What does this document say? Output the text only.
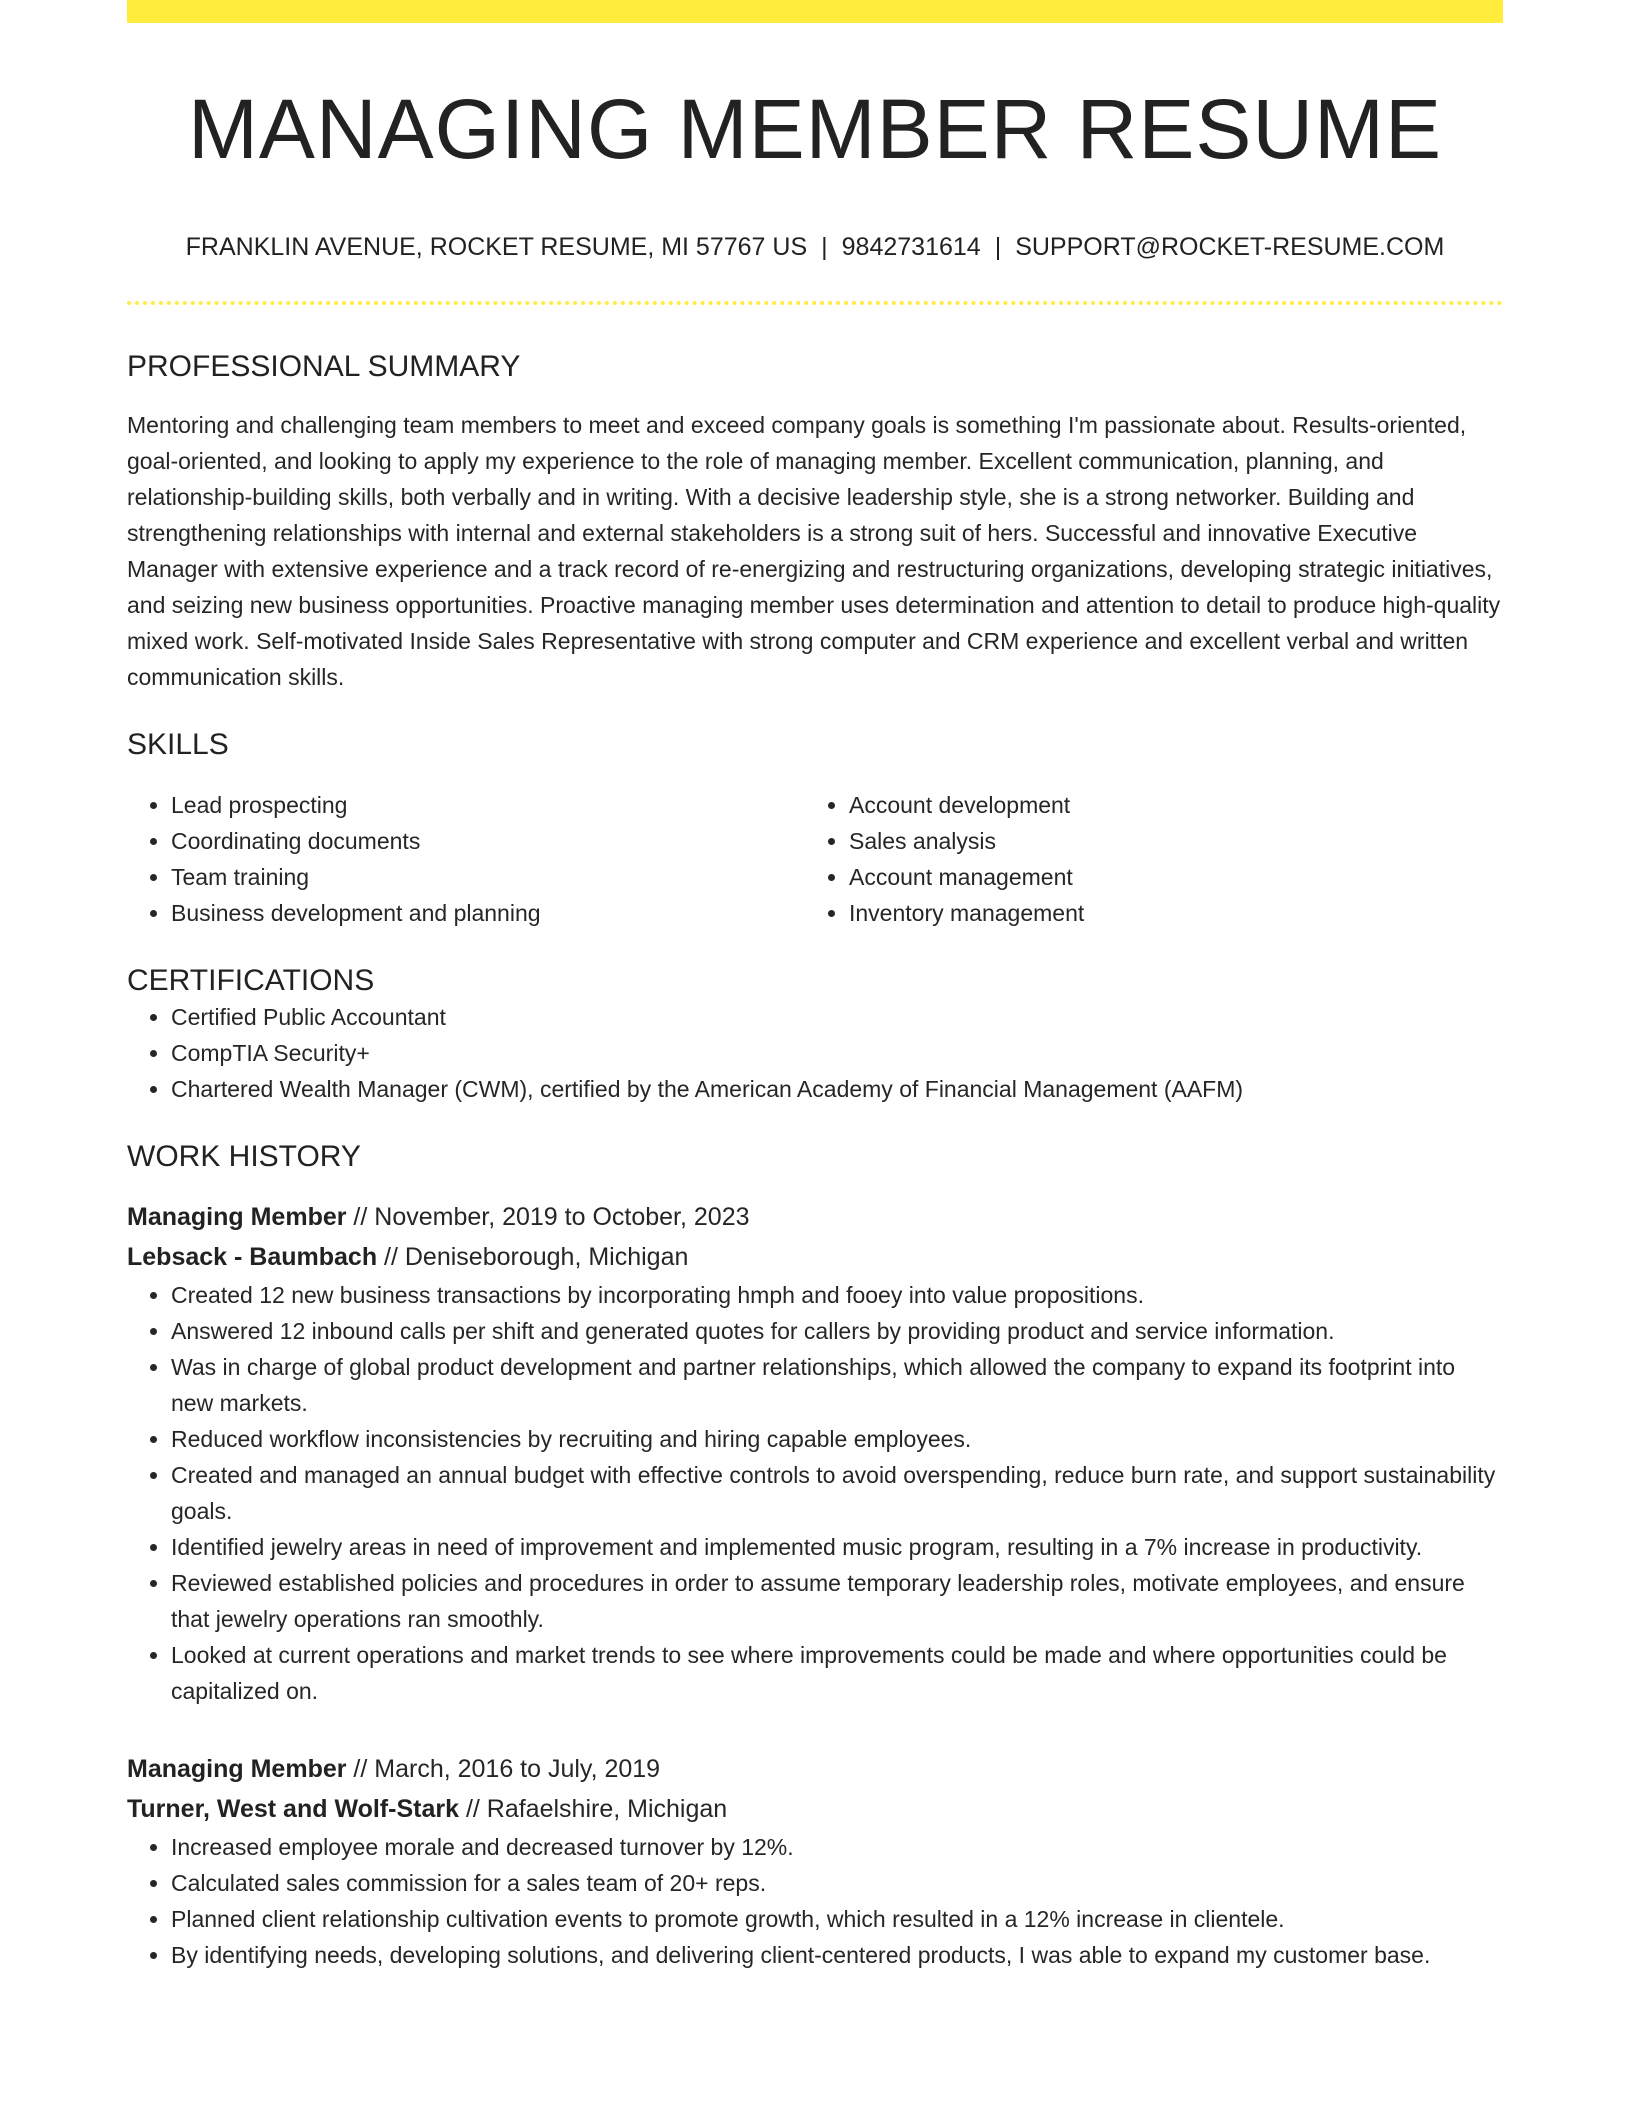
MANAGING MEMBER RESUME
FRANKLIN AVENUE, ROCKET RESUME, MI 57767 US | 9842731614 | SUPPORT@ROCKET-RESUME.COM
PROFESSIONAL SUMMARY

Mentoring and challenging team members to meet and exceed company goals is something I'm passionate about. Results-oriented, goal-oriented, and looking to apply my experience to the role of managing member. Excellent communication, planning, and relationship-building skills, both verbally and in writing. With a decisive leadership style, she is a strong networker. Building and strengthening relationships with internal and external stakeholders is a strong suit of hers. Successful and innovative Executive Manager with extensive experience and a track record of re-energizing and restructuring organizations, developing strategic initiatives, and seizing new business opportunities. Proactive managing member uses determination and attention to detail to produce high-quality mixed work. Self-motivated Inside Sales Representative with strong computer and CRM experience and excellent verbal and written communication skills.

SKILLS
• Lead prospecting
• Coordinating documents
• Team training
• Business development and planning
• Account development
• Sales analysis
• Account management
• Inventory management
CERTIFICATIONS
• Certified Public Accountant
• CompTIA Security+
• Chartered Wealth Manager (CWM), certified by the American Academy of Financial Management (AAFM)
WORK HISTORY
Managing Member // November, 2019 to October, 2023
Lebsack - Baumbach // Deniseborough, Michigan
• Created 12 new business transactions by incorporating hmph and fooey into value propositions.
• Answered 12 inbound calls per shift and generated quotes for callers by providing product and service information.
• Was in charge of global product development and partner relationships, which allowed the company to expand its footprint into new markets.
• Reduced workflow inconsistencies by recruiting and hiring capable employees.
• Created and managed an annual budget with effective controls to avoid overspending, reduce burn rate, and support sustainability goals.
• Identified jewelry areas in need of improvement and implemented music program, resulting in a 7% increase in productivity.
• Reviewed established policies and procedures in order to assume temporary leadership roles, motivate employees, and ensure that jewelry operations ran smoothly.
• Looked at current operations and market trends to see where improvements could be made and where opportunities could be capitalized on.
Managing Member // March, 2016 to July, 2019
Turner, West and Wolf-Stark // Rafaelshire, Michigan
• Increased employee morale and decreased turnover by 12%.
• Calculated sales commission for a sales team of 20+ reps.
• Planned client relationship cultivation events to promote growth, which resulted in a 12% increase in clientele.
• By identifying needs, developing solutions, and delivering client-centered products, I was able to expand my customer base.
